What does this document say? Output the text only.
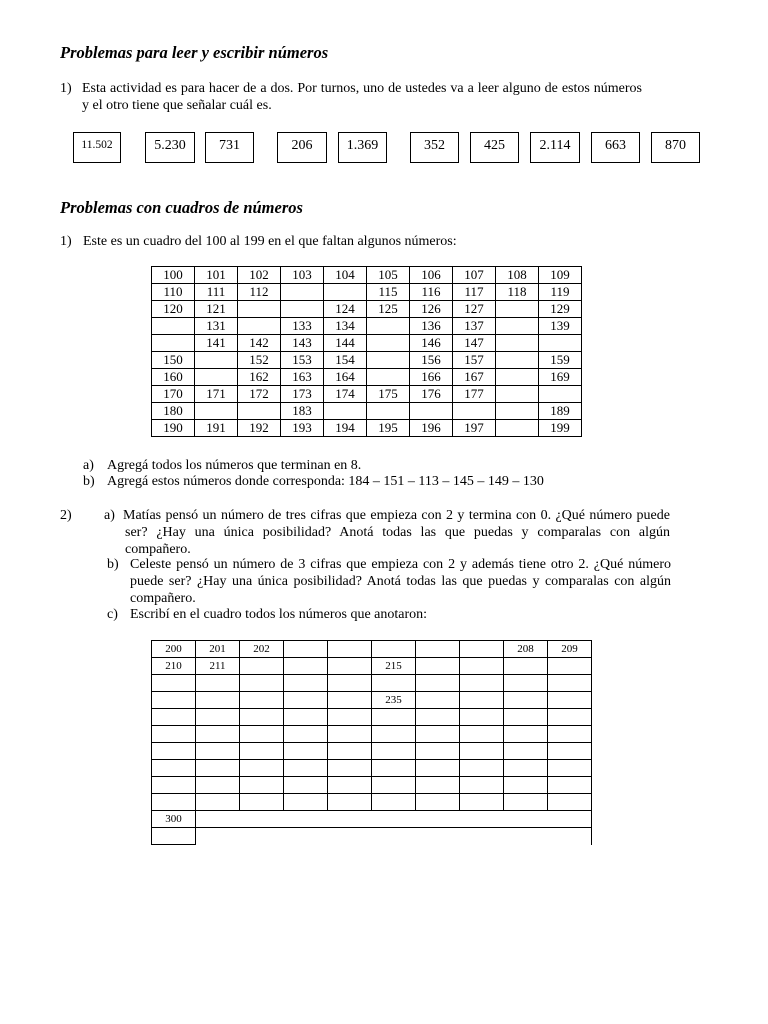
Problemas para leer y escribir números
1) Esta actividad es para hacer de a dos. Por turnos, uno de ustedes va a leer alguno de estos números y el otro tiene que señalar cuál es.
11.502	5.230	731	206	1.369	352	425	2.114	663	870
Problemas con cuadros de números
1) Este es un cuadro del 100 al 199 en el que faltan algunos números:
100	101	102	103	104	105	106	107	108	109
110	111	112			115	116	117	118	119
120	121			124	125	126	127		129
	131		133	134		136	137		139
	141	142	143	144		146	147		
150		152	153	154		156	157		159
160		162	163	164		166	167		169
170	171	172	173	174	175	176	177		
180			183						189
190	191	192	193	194	195	196	197		199
a) Agregá todos los números que terminan en 8.
b) Agregá estos números donde corresponda: 184 – 151 – 113 – 145 – 149 – 130
2) a) Matías pensó un número de tres cifras que empieza con 2 y termina con 0. ¿Qué número puede ser? ¿Hay una única posibilidad? Anotá todas las que puedas y comparalas con algún compañero.
b) Celeste pensó un número de 3 cifras que empieza con 2 y además tiene otro 2. ¿Qué número puede ser? ¿Hay una única posibilidad? Anotá todas las que puedas y comparalas con algún compañero.
c) Escribí en el cuadro todos los números que anotaron:
200	201	202						208	209
210	211				215				

					235				

300									
